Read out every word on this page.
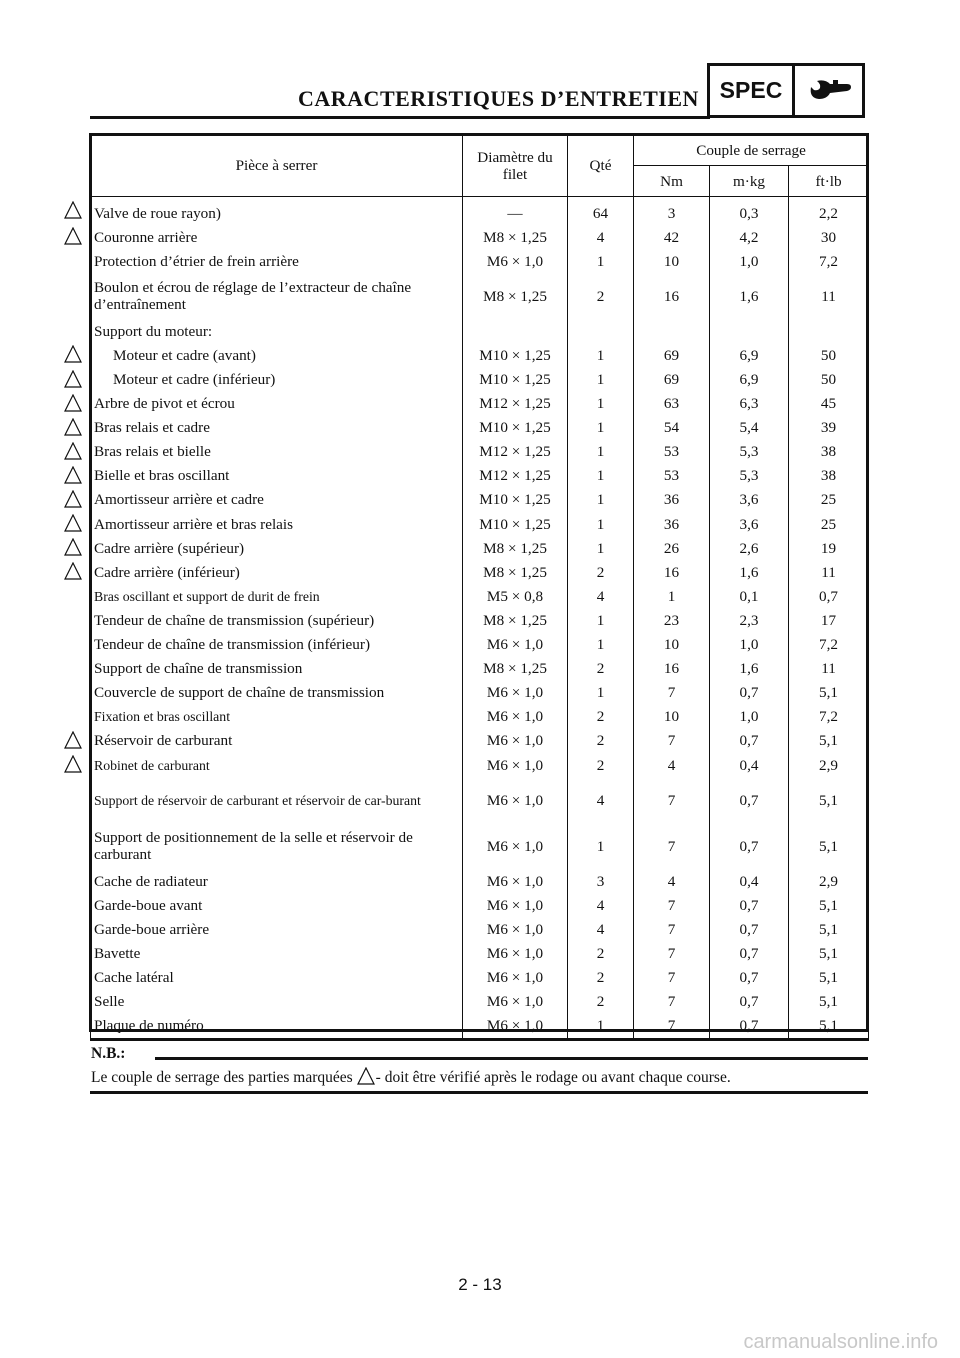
CARACTERISTIQUES D’ENTRETIEN SPEC
Pièce à serrer	Diamètre du filet	Qté	Couple de serrage		
			Nm	m·kg	ft·lb
Valve de roue rayon)	—	64	3	0,3	2,2
Couronne arrière	M8 × 1,25	4	42	4,2	30
Protection d’étrier de frein arrière	M6 × 1,0	1	10	1,0	7,2
Boulon et écrou de réglage de l’extracteur de chaîne d’entraînement	M8 × 1,25	2	16	1,6	11
Support du moteur:					
Moteur et cadre (avant)	M10 × 1,25	1	69	6,9	50
Moteur et cadre (inférieur)	M10 × 1,25	1	69	6,9	50
Arbre de pivot et écrou	M12 × 1,25	1	63	6,3	45
Bras relais et cadre	M10 × 1,25	1	54	5,4	39
Bras relais et bielle	M12 × 1,25	1	53	5,3	38
Bielle et bras oscillant	M12 × 1,25	1	53	5,3	38
Amortisseur arrière et cadre	M10 × 1,25	1	36	3,6	25
Amortisseur arrière et bras relais	M10 × 1,25	1	36	3,6	25
Cadre arrière (supérieur)	M8 × 1,25	1	26	2,6	19
Cadre arrière (inférieur)	M8 × 1,25	2	16	1,6	11
Bras oscillant et support de durit de frein	M5 × 0,8	4	1	0,1	0,7
Tendeur de chaîne de transmission (supérieur)	M8 × 1,25	1	23	2,3	17
Tendeur de chaîne de transmission (inférieur)	M6 × 1,0	1	10	1,0	7,2
Support de chaîne de transmission	M8 × 1,25	2	16	1,6	11
Couvercle de support de chaîne de transmission	M6 × 1,0	1	7	0,7	5,1
Fixation et bras oscillant	M6 × 1,0	2	10	1,0	7,2
Réservoir de carburant	M6 × 1,0	2	7	0,7	5,1
Robinet de carburant	M6 × 1,0	2	4	0,4	2,9
Support de réservoir de carburant et réservoir de car-burant	M6 × 1,0	4	7	0,7	5,1
Support de positionnement de la selle et réservoir de carburant	M6 × 1,0	1	7	0,7	5,1
Cache de radiateur	M6 × 1,0	3	4	0,4	2,9
Garde-boue avant	M6 × 1,0	4	7	0,7	5,1
Garde-boue arrière	M6 × 1,0	4	7	0,7	5,1
Bavette	M6 × 1,0	2	7	0,7	5,1
Cache latéral	M6 × 1,0	2	7	0,7	5,1
Selle	M6 × 1,0	2	7	0,7	5,1
Plaque de numéro	M6 × 1,0	1	7	0,7	5,1
N.B.:
Le couple de serrage des parties marquées - doit être vérifié après le rodage ou avant chaque course.
2 - 13
carmanualsonline.info
